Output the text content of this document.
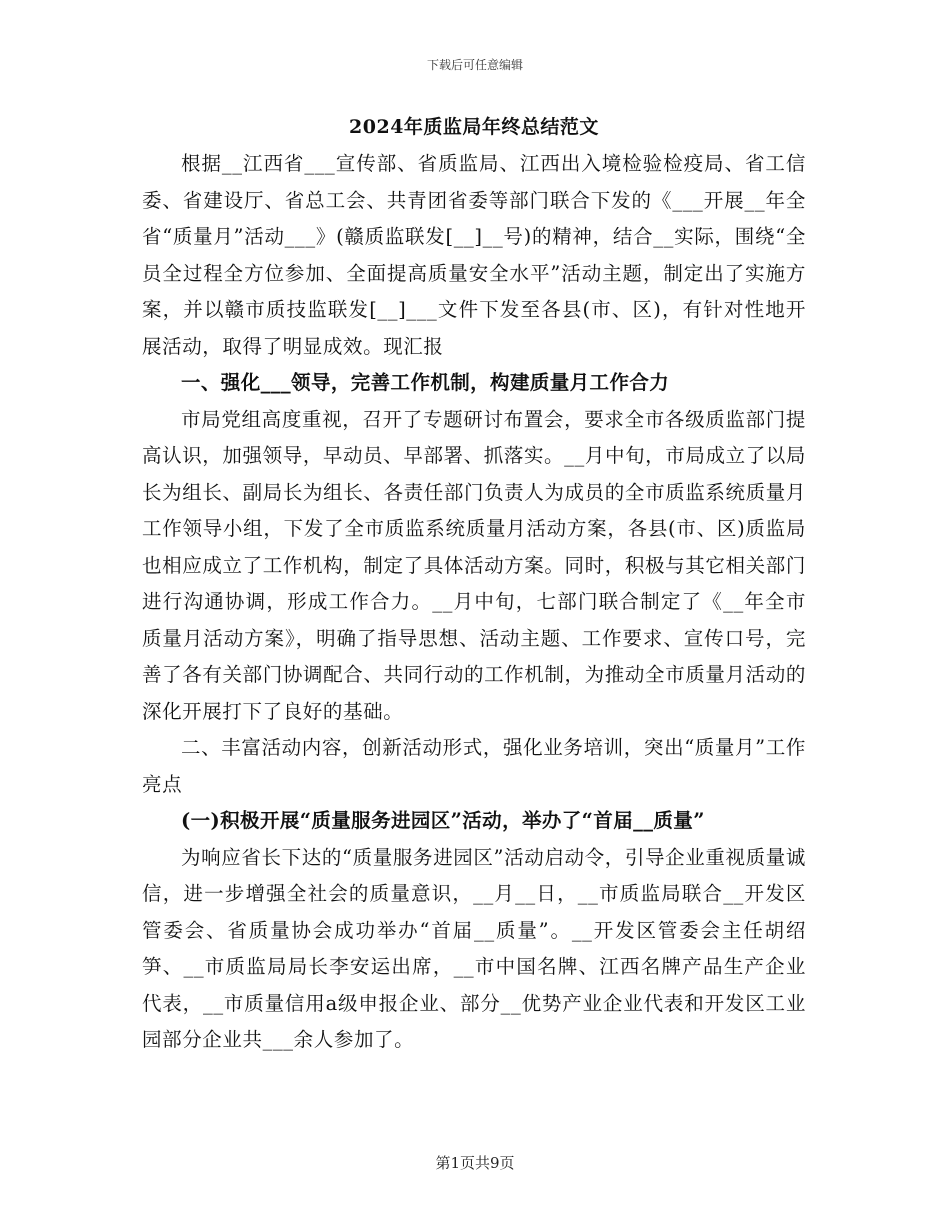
下载后可任意编辑
2024年质监局年终总结范文

根据__江西省___宣传部、省质监局、江西出入境检验检疫局、省工信委、省建设厅、省总工会、共青团省委等部门联合下发的《___开展__年全省“质量月”活动___》(赣质监联发[__]__号)的精神，结合__实际，围绕“全员全过程全方位参加、全面提高质量安全水平”活动主题，制定出了实施方案，并以赣市质技监联发[__]___文件下发至各县(市、区)，有针对性地开展活动，取得了明显成效。现汇报

一、强化___领导，完善工作机制，构建质量月工作合力

市局党组高度重视，召开了专题研讨布置会，要求全市各级质监部门提高认识，加强领导，早动员、早部署、抓落实。__月中旬，市局成立了以局长为组长、副局长为组长、各责任部门负责人为成员的全市质监系统质量月工作领导小组，下发了全市质监系统质量月活动方案，各县(市、区)质监局也相应成立了工作机构，制定了具体活动方案。同时，积极与其它相关部门进行沟通协调，形成工作合力。__月中旬，七部门联合制定了《__年全市质量月活动方案》，明确了指导思想、活动主题、工作要求、宣传口号，完善了各有关部门协调配合、共同行动的工作机制，为推动全市质量月活动的深化开展打下了良好的基础。

二、丰富活动内容，创新活动形式，强化业务培训，突出“质量月”工作亮点

(一)积极开展“质量服务进园区”活动，举办了“首届__质量”

为响应省长下达的“质量服务进园区”活动启动令，引导企业重视质量诚信，进一步增强全社会的质量意识，__月__日，__市质监局联合__开发区管委会、省质量协会成功举办“首届__质量”。__开发区管委会主任胡绍笋、__市质监局局长李安运出席，__市中国名牌、江西名牌产品生产企业代表，__市质量信用a级申报企业、部分__优势产业企业代表和开发区工业园部分企业共___余人参加了。

第1页共9页
